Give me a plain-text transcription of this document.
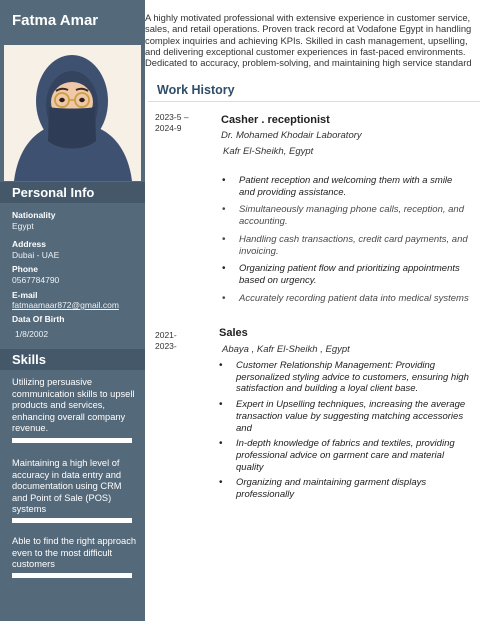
Fatma Amar
Personal Info
Nationality
Egypt
Address
Dubai - UAE
Phone
0567784790
E-mail
fatmaamaar872@gmail.com
Data Of Birth
1/8/2002
Skills
Utilizing persuasive communication skills to upsell products and services, enhancing overall company revenue.
Maintaining a high level of accuracy in data entry and documentation using CRM and Point of Sale (POS) systems
Able to find the right approach even to the most difficult customers
A highly motivated professional with extensive experience in customer service, sales, and retail operations. Proven track record at Vodafone Egypt in handling complex inquiries and achieving KPIs. Skilled in cash management, upselling, and delivering exceptional customer experiences in fast-paced environments. Dedicated to accuracy, problem-solving, and maintaining high service standard
Work History
2023-5 –
2024-9
Casher . receptionist
Dr. Mohamed Khodair Laboratory
Kafr El-Sheikh, Egypt
• Patient reception and welcoming them with a smile and providing assistance.
• Simultaneously managing phone calls, reception, and accounting.
• Handling cash transactions, credit card payments, and invoicing.
• Organizing patient flow and prioritizing appointments based on urgency.
• Accurately recording patient data into medical systems
2021-
2023-
Sales
Abaya , Kafr El-Sheikh , Egypt
• Customer Relationship Management: Providing personalized styling advice to customers, ensuring high satisfaction and building a loyal client base.
• Expert in Upselling techniques, increasing the average transaction value by suggesting matching accessories and
• In-depth knowledge of fabrics and textiles, providing professional advice on garment care and material quality
• Organizing and maintaining garment displays professionally
